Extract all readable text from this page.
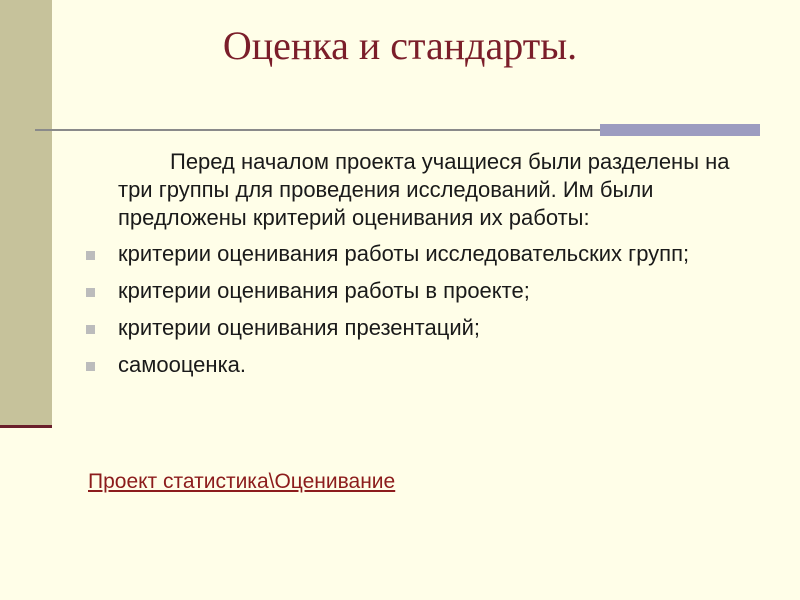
Оценка и стандарты.

Перед началом проекта учащиеся были разделены на три группы для проведения исследований. Им были предложены критерий оценивания их работы:

критерии оценивания работы исследовательских групп;
критерии оценивания работы в проекте;
критерии оценивания презентаций;
самооценка.
Проект статистика\Оценивание
